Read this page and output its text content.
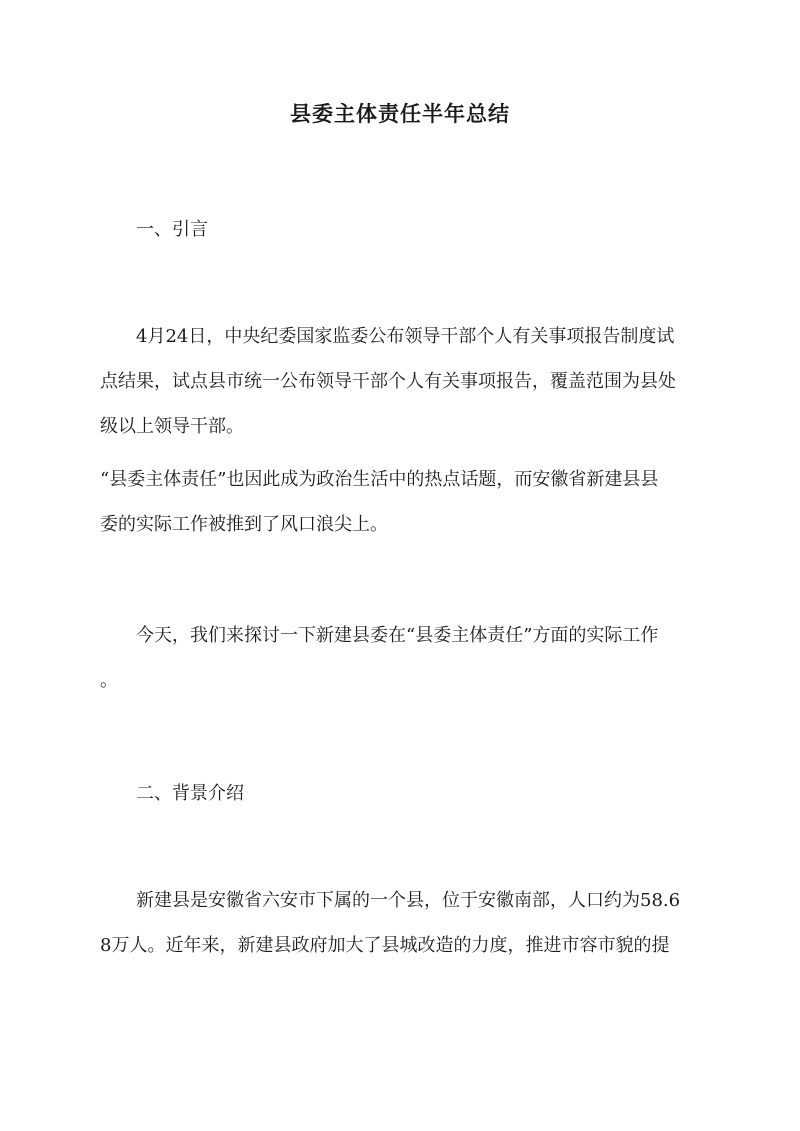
县委主体责任半年总结
一、引言
4月24日，中央纪委国家监委公布领导干部个人有关事项报告制度试
点结果，试点县市统一公布领导干部个人有关事项报告，覆盖范围为县处
级以上领导干部。
“县委主体责任”也因此成为政治生活中的热点话题，而安徽省新建县县
委的实际工作被推到了风口浪尖上。
今天，我们来探讨一下新建县委在“县委主体责任”方面的实际工作
。
二、背景介绍
新建县是安徽省六安市下属的一个县，位于安徽南部，人口约为58.6
8万人。近年来，新建县政府加大了县城改造的力度，推进市容市貌的提
